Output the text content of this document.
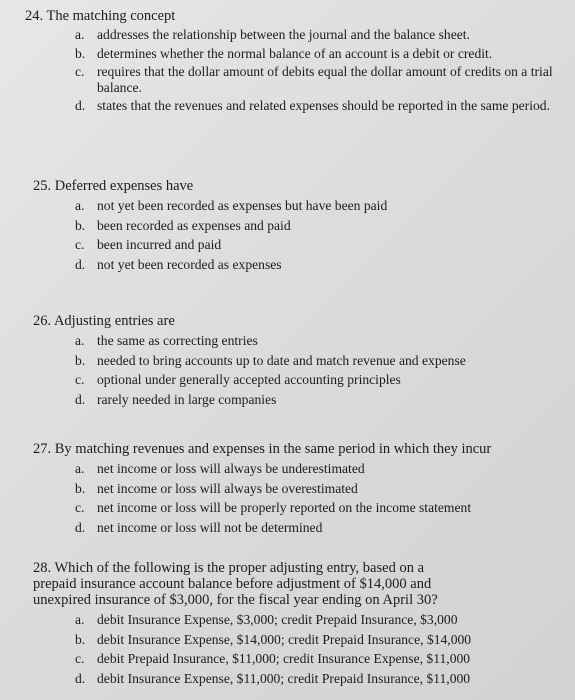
24. The matching concept

a. addresses the relationship between the journal and the balance sheet.
b. determines whether the normal balance of an account is a debit or credit.
c. requires that the dollar amount of debits equal the dollar amount of credits on a trial balance.
d. states that the revenues and related expenses should be reported in the same period.

25. Deferred expenses have

a. not yet been recorded as expenses but have been paid
b. been recorded as expenses and paid
c. been incurred and paid
d. not yet been recorded as expenses

26. Adjusting entries are

a. the same as correcting entries
b. needed to bring accounts up to date and match revenue and expense
c. optional under generally accepted accounting principles
d. rarely needed in large companies

27. By matching revenues and expenses in the same period in which they incur

a. net income or loss will always be underestimated
b. net income or loss will always be overestimated
c. net income or loss will be properly reported on the income statement
d. net income or loss will not be determined

28. Which of the following is the proper adjusting entry, based on a prepaid insurance account balance before adjustment of $14,000 and unexpired insurance of $3,000, for the fiscal year ending on April 30?

a. debit Insurance Expense, $3,000; credit Prepaid Insurance, $3,000
b. debit Insurance Expense, $14,000; credit Prepaid Insurance, $14,000
c. debit Prepaid Insurance, $11,000; credit Insurance Expense, $11,000
d. debit Insurance Expense, $11,000; credit Prepaid Insurance, $11,000
